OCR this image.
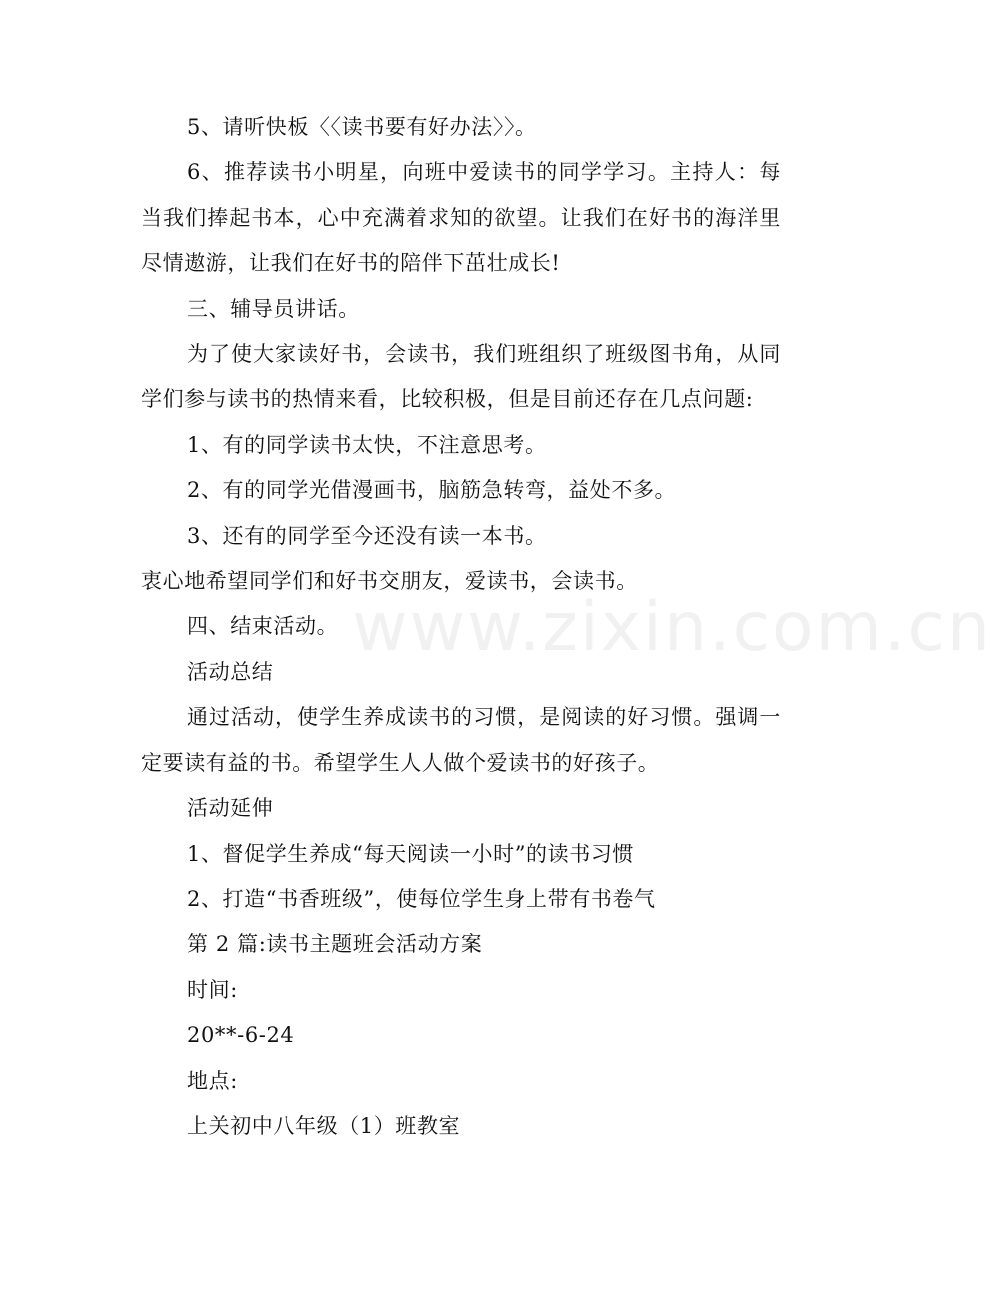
www.zixin.com.cn

5、请听快板〈〈读书要有好办法〉〉。

6、推荐读书小明星，向班中爱读书的同学学习。主持人：每当我们捧起书本，心中充满着求知的欲望。让我们在好书的海洋里尽情遨游，让我们在好书的陪伴下茁壮成长!

三、辅导员讲话。

为了使大家读好书，会读书，我们班组织了班级图书角，从同学们参与读书的热情来看，比较积极，但是目前还存在几点问题:

1、有的同学读书太快，不注意思考。

2、有的同学光借漫画书，脑筋急转弯，益处不多。

3、还有的同学至今还没有读一本书。

衷心地希望同学们和好书交朋友，爱读书，会读书。

四、结束活动。

活动总结

通过活动，使学生养成读书的习惯，是阅读的好习惯。强调一定要读有益的书。希望学生人人做个爱读书的好孩子。

活动延伸

1、督促学生养成“每天阅读一小时”的读书习惯

2、打造“书香班级”，使每位学生身上带有书卷气

第 2 篇:读书主题班会活动方案

时间:

20**-6-24

地点:

上关初中八年级（1）班教室
